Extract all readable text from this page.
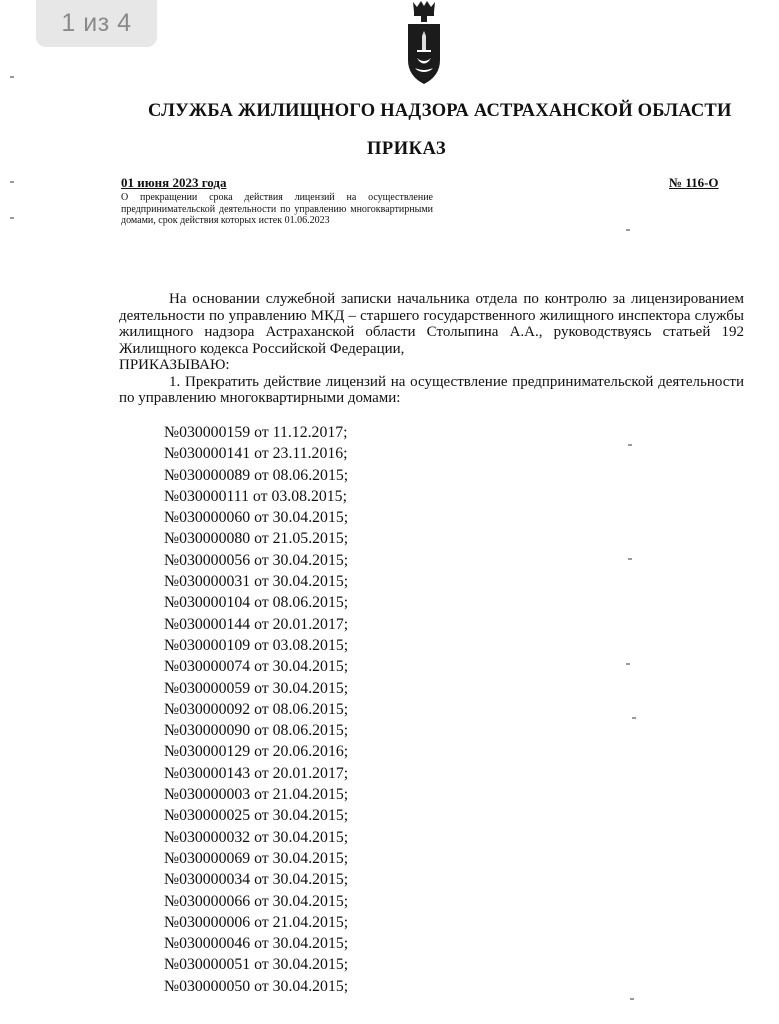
1 из 4
СЛУЖБА ЖИЛИЩНОГО НАДЗОРА АСТРАХАНСКОЙ ОБЛАСТИ
ПРИКАЗ
01 июня 2023 года	№ 116-О
О прекращении срока действия лицензий на осуществление предпринимательской деятельности по управлению многоквартирными домами, срок действия которых истек 01.06.2023

На основании служебной записки начальника отдела по контролю за лицензированием деятельности по управлению МКД – старшего государственного жилищного инспектора службы жилищного надзора Астраханской области Столыпина А.А., руководствуясь статьей 192 Жилищного кодекса Российской Федерации,

ПРИКАЗЫВАЮ:

1. Прекратить действие лицензий на осуществление предпринимательской деятельности по управлению многоквартирными домами:

№030000159 от 11.12.2017;
№030000141 от 23.11.2016;
№030000089 от 08.06.2015;
№030000111 от 03.08.2015;
№030000060 от 30.04.2015;
№030000080 от 21.05.2015;
№030000056 от 30.04.2015;
№030000031 от 30.04.2015;
№030000104 от 08.06.2015;
№030000144 от 20.01.2017;
№030000109 от 03.08.2015;
№030000074 от 30.04.2015;
№030000059 от 30.04.2015;
№030000092 от 08.06.2015;
№030000090 от 08.06.2015;
№030000129 от 20.06.2016;
№030000143 от 20.01.2017;
№030000003 от 21.04.2015;
№030000025 от 30.04.2015;
№030000032 от 30.04.2015;
№030000069 от 30.04.2015;
№030000034 от 30.04.2015;
№030000066 от 30.04.2015;
№030000006 от 21.04.2015;
№030000046 от 30.04.2015;
№030000051 от 30.04.2015;
№030000050 от 30.04.2015;
